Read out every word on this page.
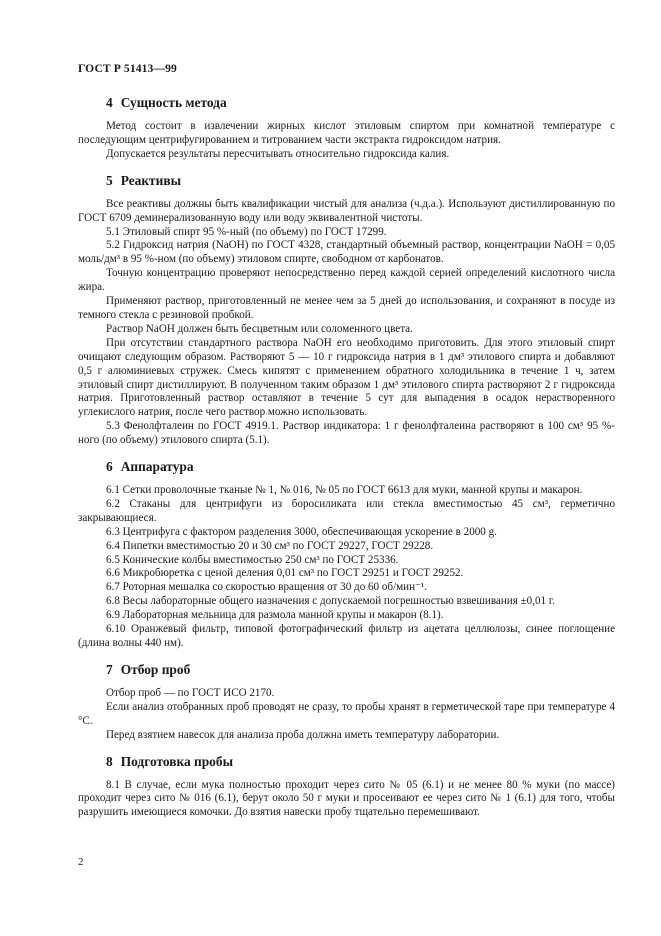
ГОСТ Р 51413—99
4 Сущность метода

Метод состоит в извлечении жирных кислот этиловым спиртом при комнатной температуре с последующим центрифугированием и титрованием части экстракта гидроксидом натрия.

Допускается результаты пересчитывать относительно гидроксида калия.

5 Реактивы

Все реактивы должны быть квалификации чистый для анализа (ч.д.а.). Используют дистиллированную по ГОСТ 6709 деминерализованную воду или воду эквивалентной чистоты.

5.1 Этиловый спирт 95 %-ный (по объему) по ГОСТ 17299.

5.2 Гидроксид натрия (NaOH) по ГОСТ 4328, стандартный объемный раствор, концентрации NaOH = 0,05 моль/дм³ в 95 %-ном (по объему) этиловом спирте, свободном от карбонатов.

Точную концентрацию проверяют непосредственно перед каждой серией определений кислотного числа жира.

Применяют раствор, приготовленный не менее чем за 5 дней до использования, и сохраняют в посуде из темного стекла с резиновой пробкой.

Раствор NaOH должен быть бесцветным или соломенного цвета.

При отсутствии стандартного раствора NaOH его необходимо приготовить. Для этого этиловый спирт очищают следующим образом. Растворяют 5 — 10 г гидроксида натрия в 1 дм³ этилового спирта и добавляют 0,5 г алюминиевых стружек. Смесь кипятят с применением обратного холодильника в течение 1 ч, затем этиловый спирт дистиллируют. В полученном таким образом 1 дм³ этилового спирта растворяют 2 г гидроксида натрия. Приготовленный раствор оставляют в течение 5 сут для выпадения в осадок нерастворенного углекислого натрия, после чего раствор можно использовать.

5.3 Фенолфталеин по ГОСТ 4919.1. Раствор индикатора: 1 г фенолфталеина растворяют в 100 см³ 95 %-ного (по объему) этилового спирта (5.1).

6 Аппаратура

6.1 Сетки проволочные тканые № 1, № 016, № 05 по ГОСТ 6613 для муки, манной крупы и макарон.

6.2 Стаканы для центрифуги из боросиликата или стекла вместимостью 45 см³, герметично закрывающиеся.

6.3 Центрифуга с фактором разделения 3000, обеспечивающая ускорение в 2000 g.

6.4 Пипетки вместимостью 20 и 30 см³ по ГОСТ 29227, ГОСТ 29228.

6.5 Конические колбы вместимостью 250 см³ по ГОСТ 25336.

6.6 Микробюретка с ценой деления 0,01 см³ по ГОСТ 29251 и ГОСТ 29252.

6.7 Роторная мешалка со скоростью вращения от 30 до 60 об/мин⁻¹.

6.8 Весы лабораторные общего назначения с допускаемой погрешностью взвешивания ±0,01 г.

6.9 Лабораторная мельница для размола манной крупы и макарон (8.1).

6.10 Оранжевый фильтр, типовой фотографический фильтр из ацетата целлюлозы, синее поглощение (длина волны 440 нм).

7 Отбор проб

Отбор проб — по ГОСТ ИСО 2170.

Если анализ отобранных проб проводят не сразу, то пробы хранят в герметической таре при температуре 4 °С.

Перед взятием навесок для анализа проба должна иметь температуру лаборатории.

8 Подготовка пробы

8.1 В случае, если мука полностью проходит через сито № 05 (6.1) и не менее 80 % муки (по массе) проходит через сито № 016 (6.1), берут около 50 г муки и просеивают ее через сито № 1 (6.1) для того, чтобы разрушить имеющиеся комочки. До взятия навески пробу тщательно перемешивают.

2
